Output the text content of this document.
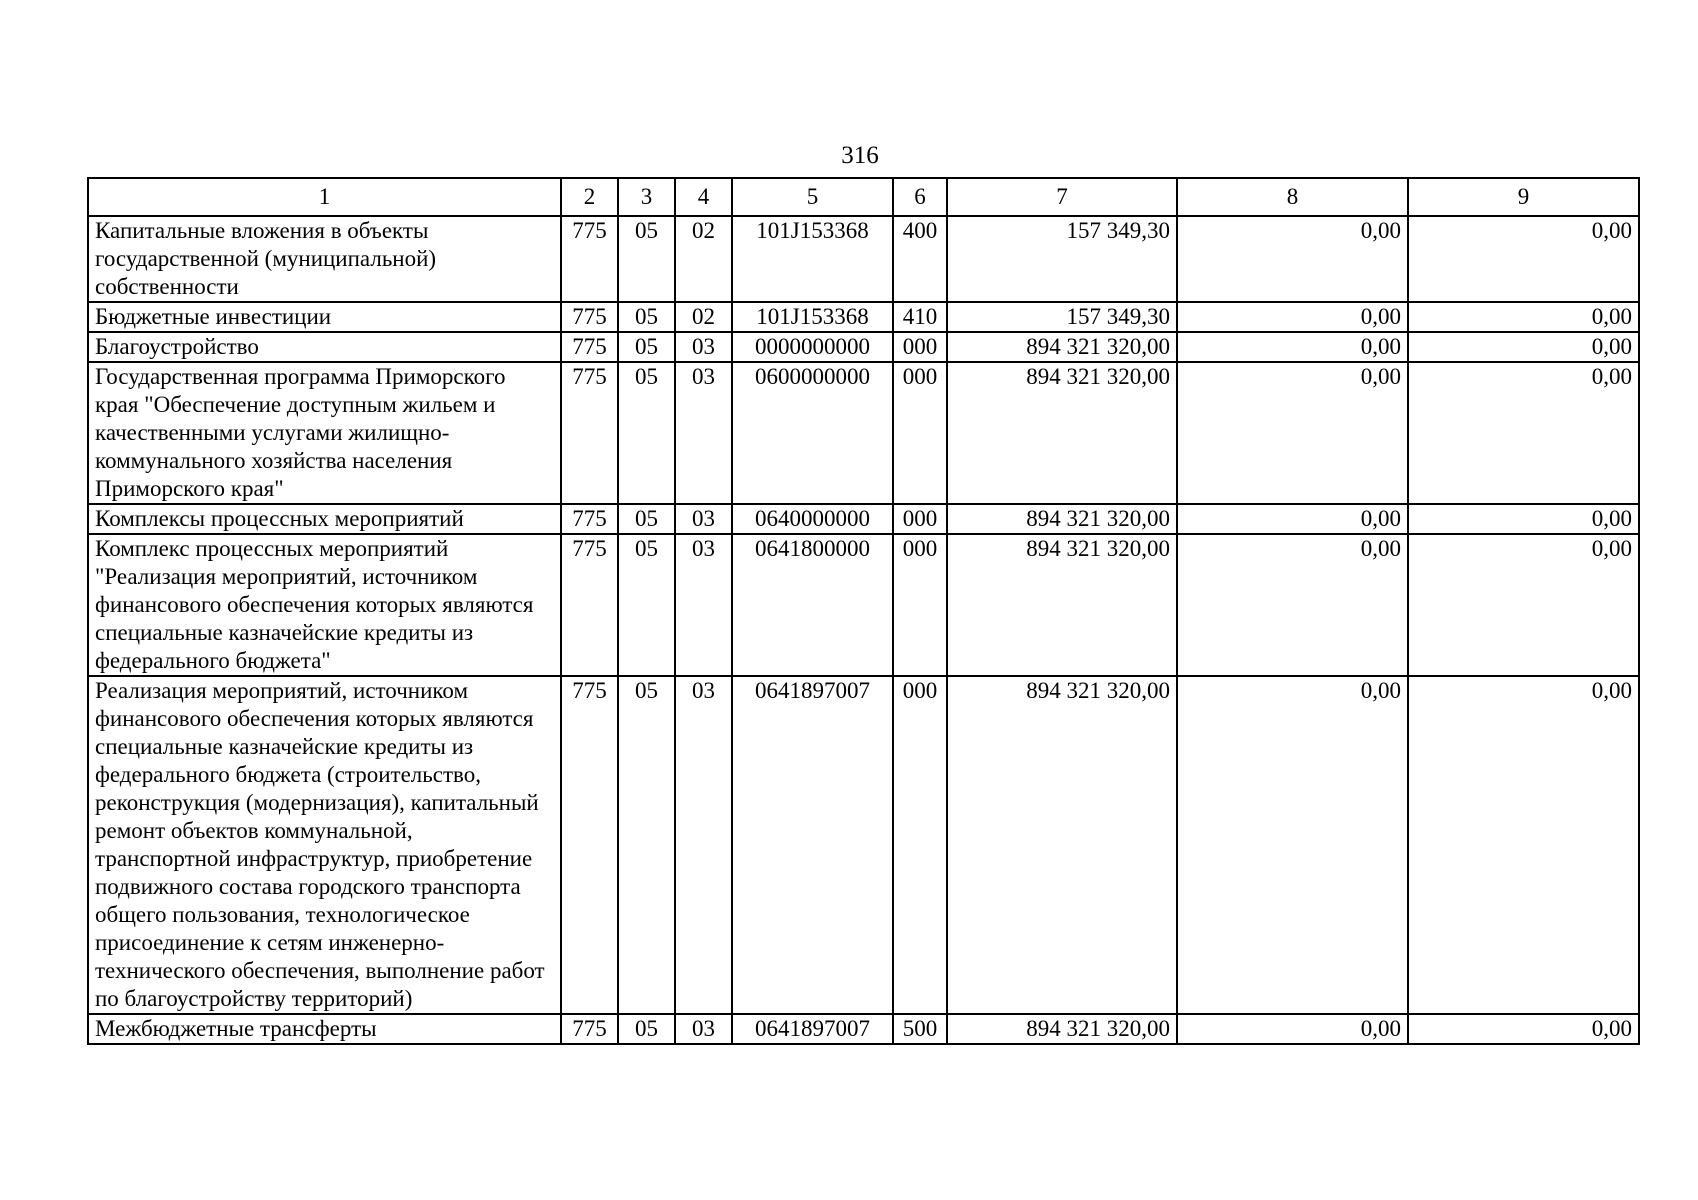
316
1	2	3	4	5	6	7	8	9
Капитальные вложения в объекты государственной (муниципальной) собственности	775	05	02	101J153368	400	157 349,30	0,00	0,00
Бюджетные инвестиции	775	05	02	101J153368	410	157 349,30	0,00	0,00
Благоустройство	775	05	03	0000000000	000	894 321 320,00	0,00	0,00
Государственная программа Приморского края "Обеспечение доступным жильем и качественными услугами жилищно-коммунального хозяйства населения Приморского края"	775	05	03	0600000000	000	894 321 320,00	0,00	0,00
Комплексы процессных мероприятий	775	05	03	0640000000	000	894 321 320,00	0,00	0,00
Комплекс процессных мероприятий "Реализация мероприятий, источником финансового обеспечения которых являются специальные казначейские кредиты из федерального бюджета"	775	05	03	0641800000	000	894 321 320,00	0,00	0,00
Реализация мероприятий, источником финансового обеспечения которых являются специальные казначейские кредиты из федерального бюджета (строительство, реконструкция (модернизация), капитальный ремонт объектов коммунальной, транспортной инфраструктур, приобретение подвижного состава городского транспорта общего пользования, технологическое присоединение к сетям инженерно-технического обеспечения, выполнение работ по благоустройству территорий)	775	05	03	0641897007	000	894 321 320,00	0,00	0,00
Межбюджетные трансферты	775	05	03	0641897007	500	894 321 320,00	0,00	0,00
